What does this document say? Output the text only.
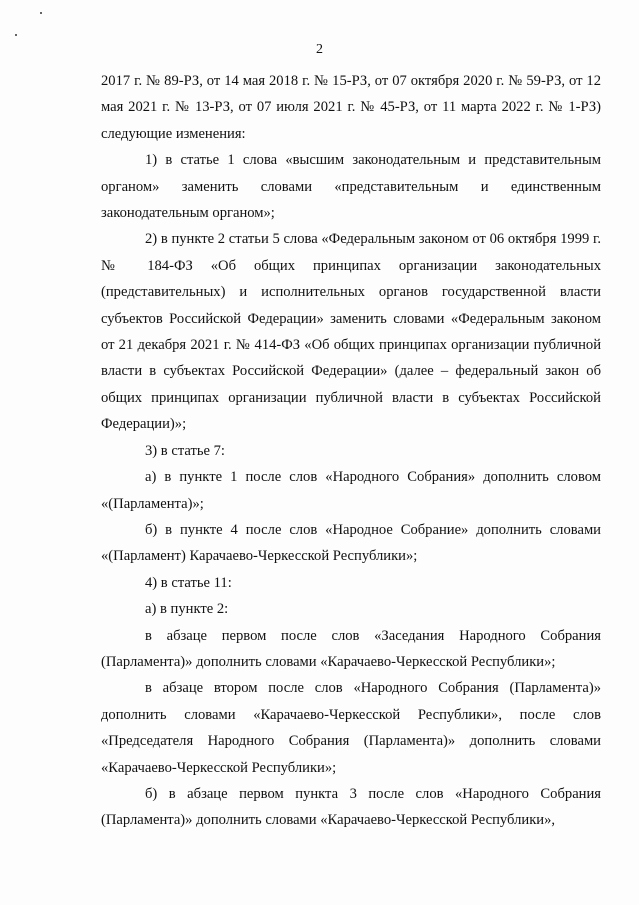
2

2017 г. № 89-РЗ, от 14 мая 2018 г. № 15-РЗ, от 07 октября 2020 г. № 59-РЗ, от 12 мая 2021 г. № 13-РЗ, от 07 июля 2021 г. № 45-РЗ, от 11 марта 2022 г. № 1-РЗ) следующие изменения:

1) в статье 1 слова «высшим законодательным и представительным органом» заменить словами «представительным и единственным законодательным органом»;

2) в пункте 2 статьи 5 слова «Федеральным законом от 06 октября 1999 г. № 184-ФЗ «Об общих принципах организации законодательных (представительных) и исполнительных органов государственной власти субъектов Российской Федерации» заменить словами «Федеральным законом от 21 декабря 2021 г. № 414-ФЗ «Об общих принципах организации публичной власти в субъектах Российской Федерации» (далее – федеральный закон об общих принципах организации публичной власти в субъектах Российской Федерации)»;

3) в статье 7:

а) в пункте 1 после слов «Народного Собрания» дополнить словом «(Парламента)»;

б) в пункте 4 после слов «Народное Собрание» дополнить словами «(Парламент) Карачаево-Черкесской Республики»;

4) в статье 11:

а) в пункте 2:

в абзаце первом после слов «Заседания Народного Собрания (Парламента)» дополнить словами «Карачаево-Черкесской Республики»;

в абзаце втором после слов «Народного Собрания (Парламента)» дополнить словами «Карачаево-Черкесской Республики», после слов «Председателя Народного Собрания (Парламента)» дополнить словами «Карачаево-Черкесской Республики»;

б) в абзаце первом пункта 3 после слов «Народного Собрания (Парламента)» дополнить словами «Карачаево-Черкесской Республики»,
